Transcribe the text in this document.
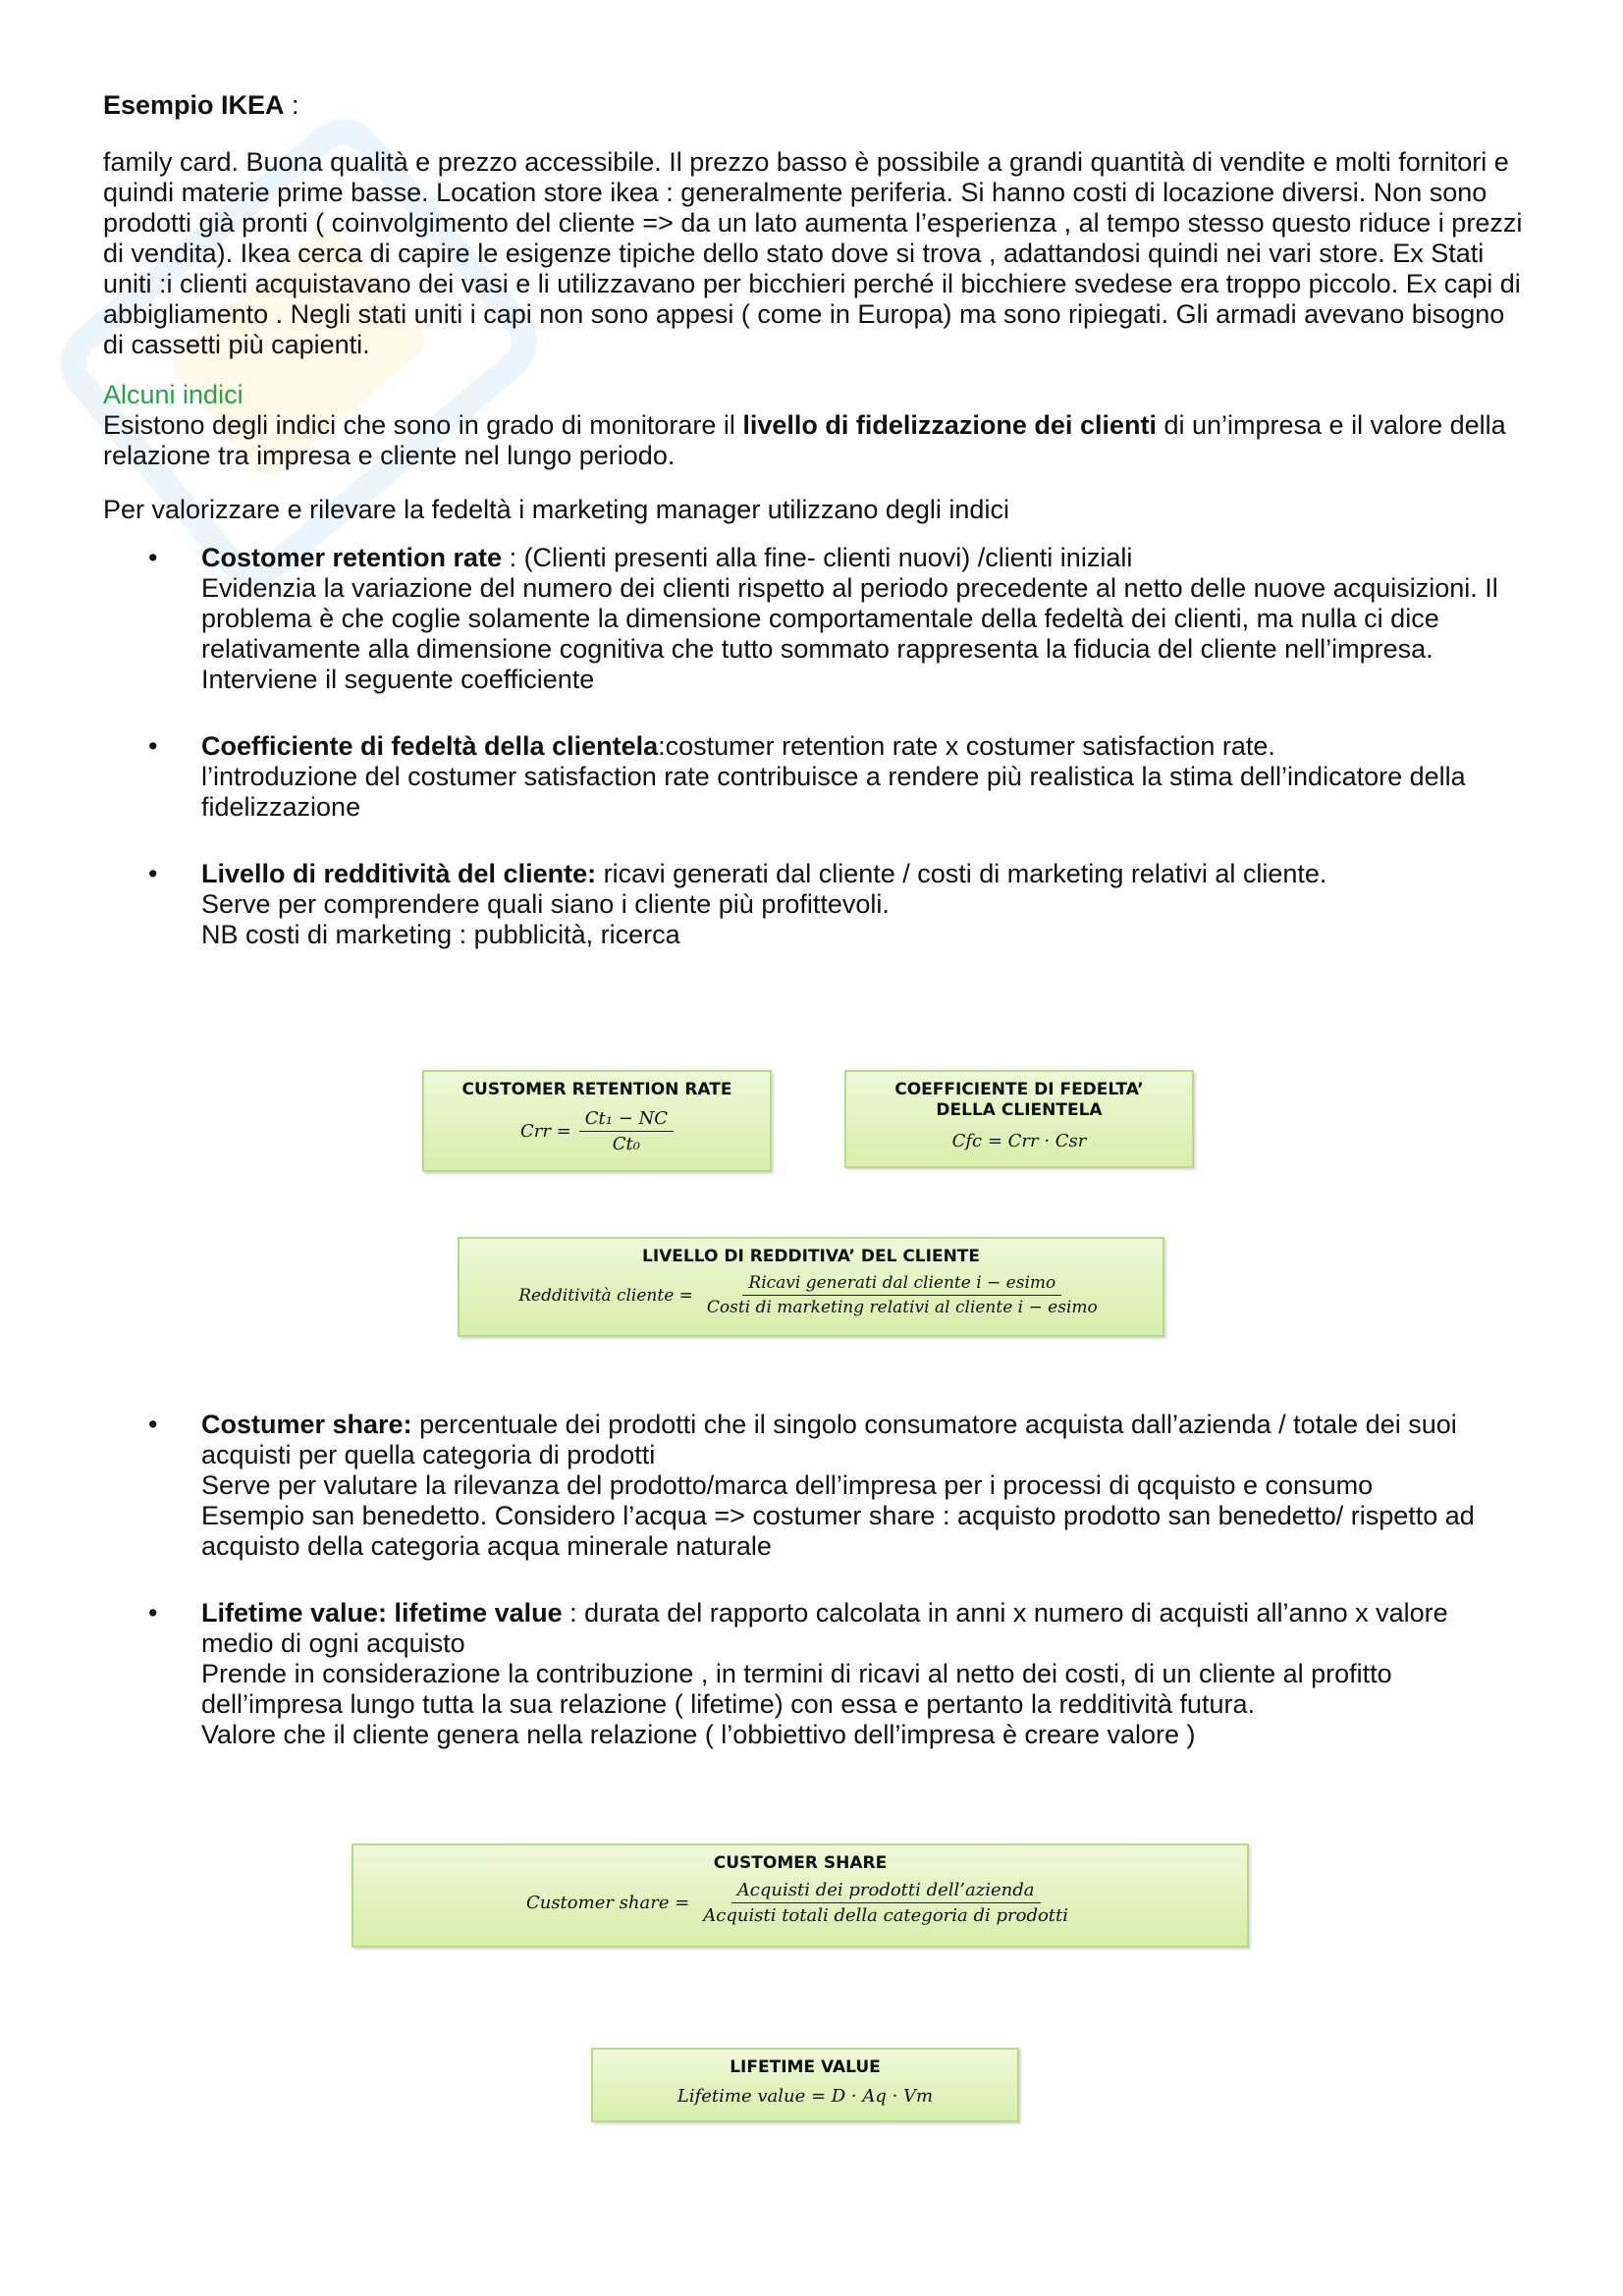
Esempio IKEA :

family card. Buona qualità e prezzo accessibile. Il prezzo basso è possibile a grandi quantità di vendite e molti fornitori e quindi materie prime basse. Location store ikea : generalmente periferia. Si hanno costi di locazione diversi. Non sono prodotti già pronti ( coinvolgimento del cliente => da un lato aumenta l’esperienza , al tempo stesso questo riduce i prezzi di vendita). Ikea cerca di capire le esigenze tipiche dello stato dove si trova , adattandosi quindi nei vari store. Ex Stati uniti :i clienti acquistavano dei vasi e li utilizzavano per bicchieri perché il bicchiere svedese era troppo piccolo. Ex capi di abbigliamento . Negli stati uniti i capi non sono appesi ( come in Europa) ma sono ripiegati. Gli armadi avevano bisogno di cassetti più capienti.

Alcuni indici

Esistono degli indici che sono in grado di monitorare il livello di fidelizzazione dei clienti di un’impresa e il valore della relazione tra impresa e cliente nel lungo periodo.

Per valorizzare e rilevare la fedeltà i marketing manager utilizzano degli indici

• Costomer retention rate : (Clienti presenti alla fine- clienti nuovi) /clienti iniziali
Evidenzia la variazione del numero dei clienti rispetto al periodo precedente al netto delle nuove acquisizioni. Il problema è che coglie solamente la dimensione comportamentale della fedeltà dei clienti, ma nulla ci dice relativamente alla dimensione cognitiva che tutto sommato rappresenta la fiducia del cliente nell’impresa. Interviene il seguente coefficiente
• Coefficiente di fedeltà della clientela:costumer retention rate x costumer satisfaction rate.
l’introduzione del costumer satisfaction rate contribuisce a rendere più realistica la stima dell’indicatore della fidelizzazione
• Livello di redditività del cliente: ricavi generati dal cliente / costi di marketing relativi al cliente.
Serve per comprendere quali siano i cliente più profittevoli.
NB costi di marketing : pubblicità, ricerca
CUSTOMER RETENTION RATE
Crr = $\frac{\text{Ct₁ − NC}}{\text{Ct₀}}$
COEFFICIENTE DI FEDELTA’ DELLA CLIENTELA
Cfc = Crr · Csr
LIVELLO DI REDDITIVA’ DEL CLIENTE
Redditività cliente = $\frac{\text{Ricavi generati dal cliente i − esimo}}{\text{Costi di marketing relativi al cliente i − esimo}}$
• Costumer share: percentuale dei prodotti che il singolo consumatore acquista dall’azienda / totale dei suoi acquisti per quella categoria di prodotti
Serve per valutare la rilevanza del prodotto/marca dell’impresa per i processi di qcquisto e consumo
Esempio san benedetto. Considero l’acqua => costumer share : acquisto prodotto san benedetto/ rispetto ad acquisto della categoria acqua minerale naturale
• Lifetime value: lifetime value : durata del rapporto calcolata in anni x numero di acquisti all’anno x valore medio di ogni acquisto
Prende in considerazione la contribuzione , in termini di ricavi al netto dei costi, di un cliente al profitto dell’impresa lungo tutta la sua relazione ( lifetime) con essa e pertanto la redditività futura.
Valore che il cliente genera nella relazione ( l’obbiettivo dell’impresa è creare valore )
CUSTOMER SHARE
Customer share = $\frac{\text{Acquisti dei prodotti dell’azienda}}{\text{Acquisti totali della categoria di prodotti}}$
LIFETIME VALUE
Lifetime value = D · Aq · Vm
